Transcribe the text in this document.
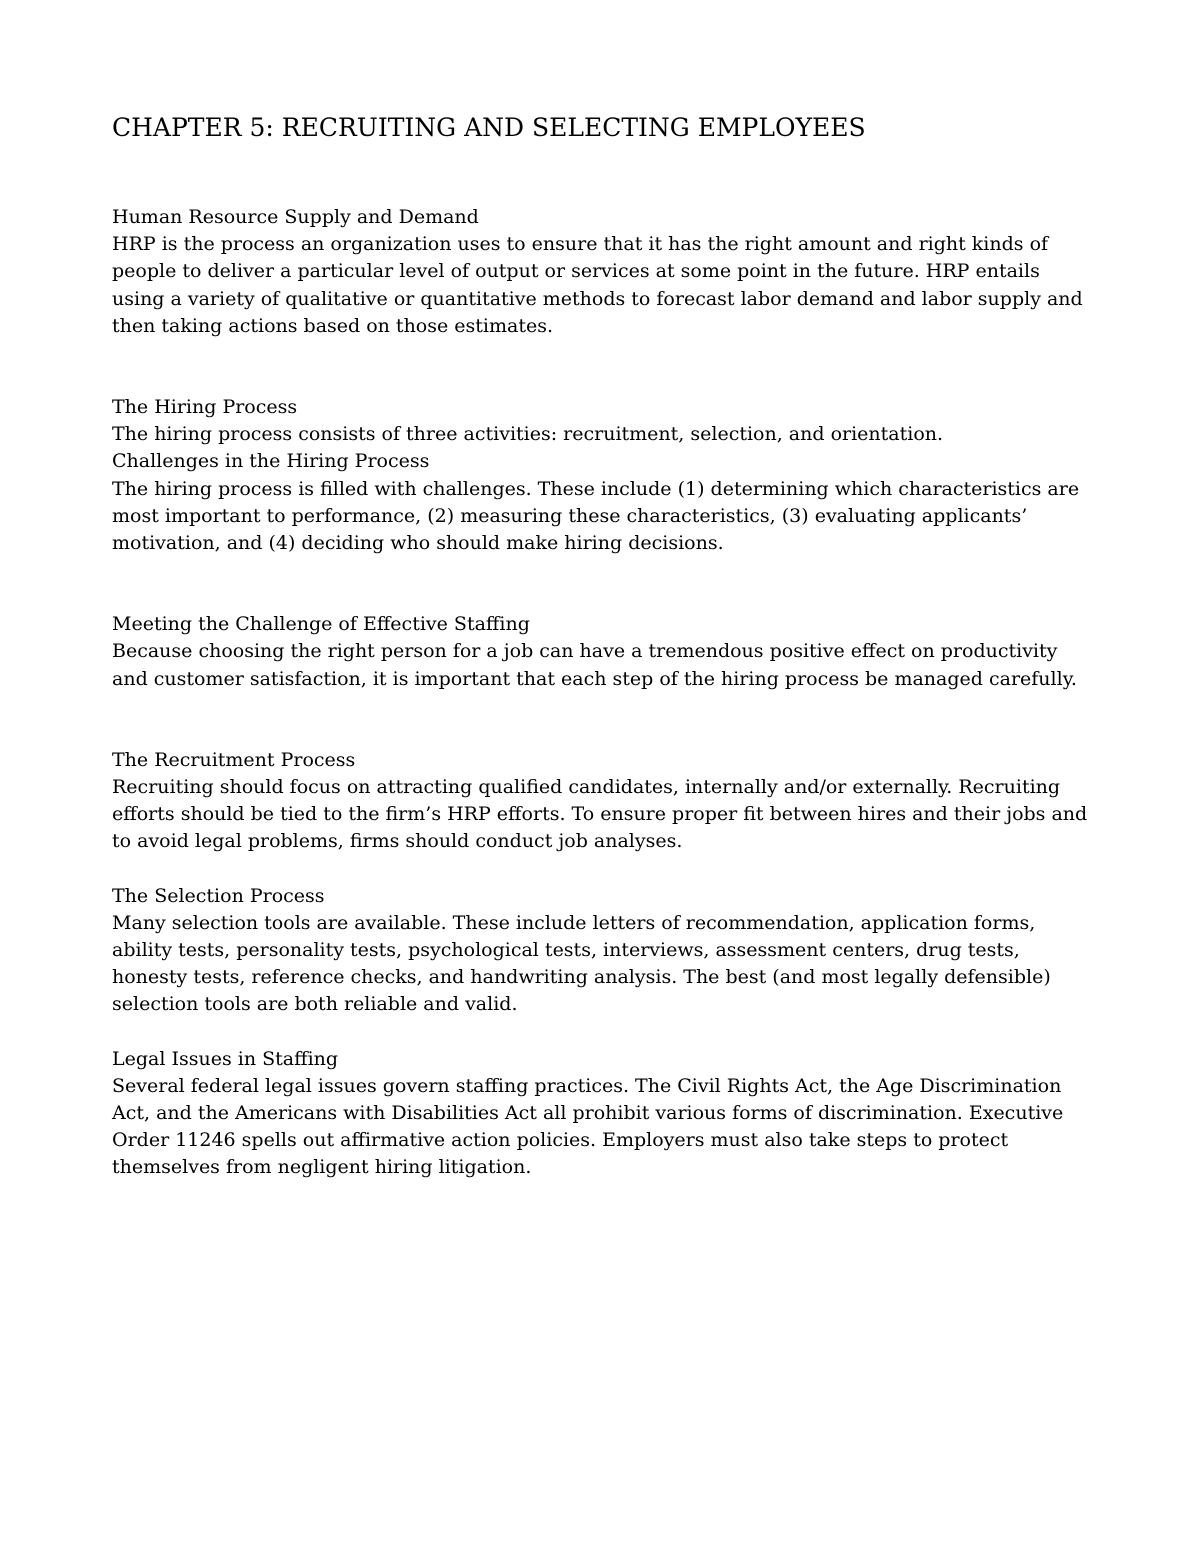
CHAPTER 5: RECRUITING AND SELECTING EMPLOYEES

Human Resource Supply and Demand

HRP is the process an organization uses to ensure that it has the right amount and right kinds of people to deliver a particular level of output or services at some point in the future. HRP entails using a variety of qualitative or quantitative methods to forecast labor demand and labor supply and then taking actions based on those estimates.

The Hiring Process

The hiring process consists of three activities: recruitment, selection, and orientation.

Challenges in the Hiring Process

The hiring process is filled with challenges. These include (1) determining which characteristics are most important to performance, (2) measuring these characteristics, (3) evaluating applicants’ motivation, and (4) deciding who should make hiring decisions.

Meeting the Challenge of Effective Staffing

Because choosing the right person for a job can have a tremendous positive effect on productivity and customer satisfaction, it is important that each step of the hiring process be managed carefully.

The Recruitment Process

Recruiting should focus on attracting qualified candidates, internally and/or externally. Recruiting efforts should be tied to the firm’s HRP efforts. To ensure proper fit between hires and their jobs and to avoid legal problems, firms should conduct job analyses.

The Selection Process

Many selection tools are available. These include letters of recommendation, application forms, ability tests, personality tests, psychological tests, interviews, assessment centers, drug tests, honesty tests, reference checks, and handwriting analysis. The best (and most legally defensible) selection tools are both reliable and valid.

Legal Issues in Staffing

Several federal legal issues govern staffing practices. The Civil Rights Act, the Age Discrimination Act, and the Americans with Disabilities Act all prohibit various forms of discrimination. Executive Order 11246 spells out affirmative action policies. Employers must also take steps to protect themselves from negligent hiring litigation.
